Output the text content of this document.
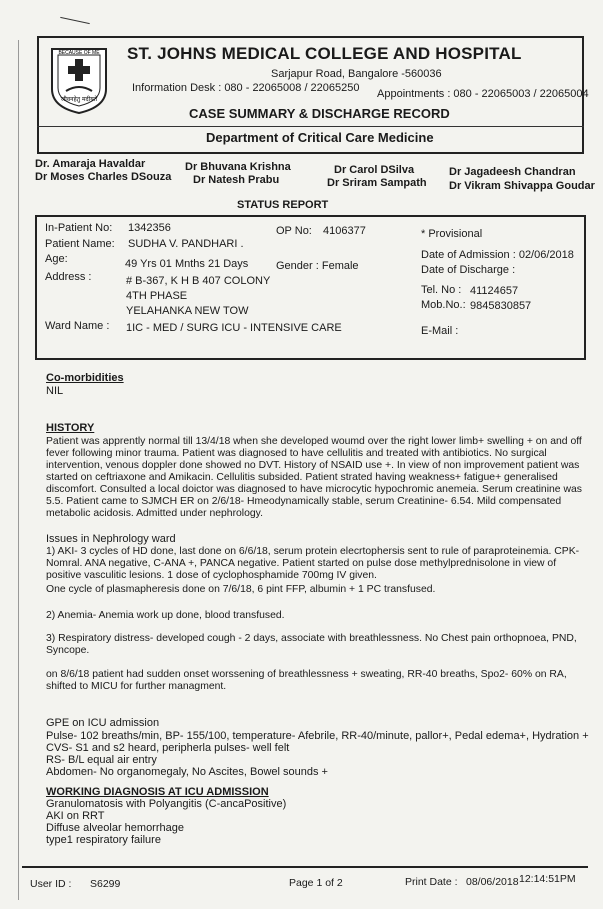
BECAUSE OF ME
जीवनहेतु मदीयते
ST. JOHNS MEDICAL COLLEGE AND HOSPITAL
Sarjapur Road, Bangalore -560036
Information Desk : 080 - 22065008 / 22065250 Appointments : 080 - 22065003 / 22065004
CASE SUMMARY & DISCHARGE RECORD
Department of Critical Care Medicine
Dr. Amaraja Havaldar
Dr Moses Charles DSouza
Dr Bhuvana Krishna
Dr Natesh Prabu
Dr Carol DSilva
Dr Sriram Sampath
Dr Jagadeesh Chandran
Dr Vikram Shivappa Goudar
STATUS REPORT
In-Patient No: 1342356	OP No: 4106377	* Provisional
Patient Name: SUDHA V. PANDHARI .
Age:	49 Yrs 01 Mnths 21 Days	Gender : Female
Date of Admission : 02/06/2018
Date of Discharge :
Address :	# B-367, K H B 407 COLONY
4TH PHASE
YELAHANKA NEW TOW
Tel. No : 41124657
Mob.No.: 9845830857
Ward Name : 1IC - MED / SURG ICU - INTENSIVE CARE	E-Mail :
Co-morbidities
NIL
HISTORY
Patient was apprently normal till 13/4/18 when she developed woumd over the right lower limb+ swelling + on and off fever following minor trauma. Patient was diagnosed to have cellulitis and treated with antibiotics. No surgical intervention, venous doppler done showed no DVT. History of NSAID use +. In view of non improvement patient was started on ceftriaxone and Amikacin. Cellulitis subsided. Patient strated having weakness+ fatigue+ generalised discomfort. Consulted a local doictor was diagnosed to have microcytic hypochromic anemeia. Serum creatinine was 5.5. Patient came to SJMCH ER on 2/6/18- Hmeodynamically stable, serum Creatinine- 6.54. Mild compensated metabolic acidosis. Admitted under nephrology.
Issues in Nephrology ward
1) AKI- 3 cycles of HD done, last done on 6/6/18, serum protein elecrtophersis sent to rule of paraproteinemia. CPK- Nomral. ANA negative, C-ANA +, PANCA negative. Patient started on pulse dose methylprednisolone in view of positive vasculitic lesions. 1 dose of cyclophosphamide 700mg IV given.
One cycle of plasmapheresis done on 7/6/18, 6 pint FFP, albumin + 1 PC transfused.
2) Anemia- Anemia work up done, blood transfused.
3) Respiratory distress- developed cough - 2 days, associate with breathlessness. No Chest pain orthopnoea, PND, Syncope.
on 8/6/18 patient had sudden onset worssening of breathlessness + sweating, RR-40 breaths, Spo2- 60% on RA, shifted to MICU for further managment.
GPE on ICU admission
Pulse- 102 breaths/min, BP- 155/100, temperature- Afebrile, RR-40/minute, pallor+, Pedal edema+, Hydration +
CVS- S1 and s2 heard, peripherla pulses- well felt
RS- B/L equal air entry
Abdomen- No organomegaly, No Ascites, Bowel sounds +
WORKING DIAGNOSIS AT ICU ADMISSION
Granulomatosis with Polyangitis (C-ancaPositive)
AKI on RRT
Diffuse alveolar hemorrhage
type1 respiratory failure
User ID : S6299	Page 1 of 2	Print Date : 08/06/2018 12:14:51PM
